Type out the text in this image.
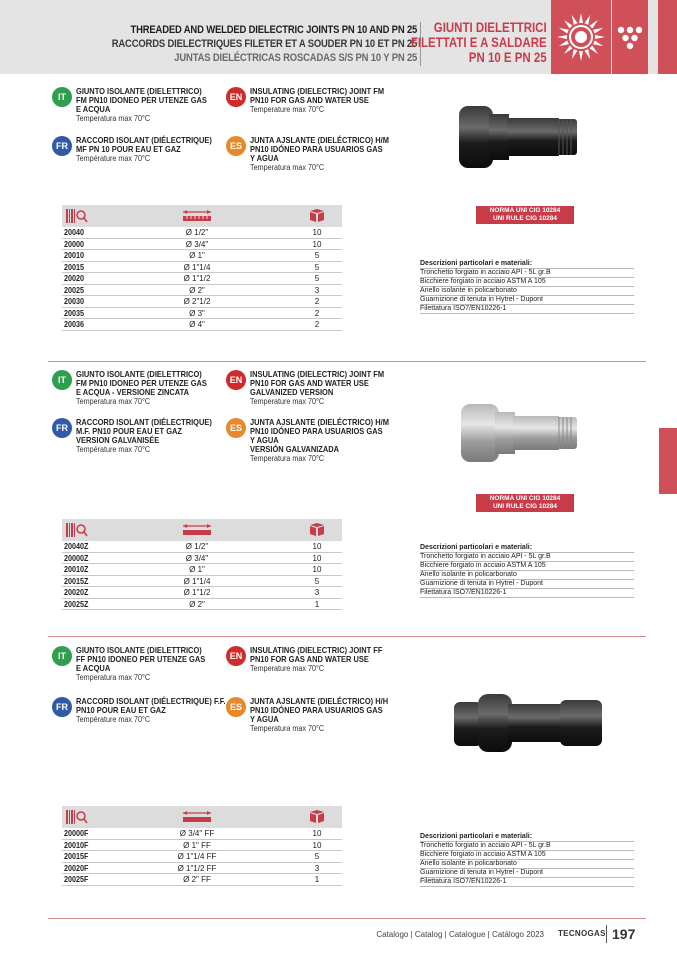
THREADED AND WELDED DIELECTRIC JOINTS PN 10 AND PN 25
RACCORDS DIELECTRIQUES FILETER ET A SOUDER PN 10 ET PN 25
JUNTAS DIELÉCTRICAS ROSCADAS S/S PN 10 Y PN 25
GIUNTI DIELETTRICI
FILETTATI E A SALDARE
PN 10 E PN 25
IT
GIUNTO ISOLANTE (DIELETTRICO)
FM PN10 IDONEO PER UTENZE GAS
E ACQUA
Temperatura max 70°C
FR
RACCORD ISOLANT (DIÉLECTRIQUE)
MF PN 10 POUR EAU ET GAZ
Température max 70°C
EN
INSULATING (DIELECTRIC) JOINT FM
PN10 FOR GAS AND WATER USE
Temperature max 70°C
ES
JUNTA AJSLANTE (DIELÉCTRICO) H/M
PN10 IDÓNEO PARA USUARIOS GAS
Y AGUA
Temperatura max 70°C
20040	Ø 1/2"	10
20000	Ø 3/4"	10
20010	Ø 1"	5
20015	Ø 1"1/4	5
20020	Ø 1"1/2	5
20025	Ø 2"	3
20030	Ø 2"1/2	2
20035	Ø 3"	2
20036	Ø 4"	2
NORMA UNI CIG 10284
UNI RULE CIG 10284
Descrizioni particolari e materiali:
Tronchetto forgiato in acciaio API - 5L gr.B
Bicchiere forgiato in acciaio ASTM A 105
Anello isolante in policarbonato
Guarnizione di tenuta in Hytrel - Dupont
Filettatura ISO7/EN10226-1
IT
GIUNTO ISOLANTE (DIELETTRICO)
FM PN10 IDONEO PER UTENZE GAS
E ACQUA - VERSIONE ZINCATA
Temperatura max 70°C
FR
RACCORD ISOLANT (DIÉLECTRIQUE)
M.F. PN10 POUR EAU ET GAZ
VERSION GALVANISÉE
Température max 70°C
EN
INSULATING (DIELECTRIC) JOINT FM
PN10 FOR GAS AND WATER USE
GALVANIZED VERSION
Temperature max 70°C
ES
JUNTA AJSLANTE (DIELÉCTRICO) H/M
PN10 IDÓNEO PARA USUARIOS GAS
Y AGUA
VERSIÓN GALVANIZADA
Temperatura max 70°C
20040Z	Ø 1/2"	10
20000Z	Ø 3/4"	10
20010Z	Ø 1"	10
20015Z	Ø 1"1/4	5
20020Z	Ø 1"1/2	3
20025Z	Ø 2"	1
NORMA UNI CIG 10284
UNI RULE CIG 10284
Descrizioni particolari e materiali:
Tronchetto forgiato in acciaio API - 5L gr.B
Bicchiere forgiato in acciaio ASTM A 105
Anello isolante in policarbonato
Guarnizione di tenuta in Hytrel - Dupont
Filettatura ISO7/EN10226-1
IT
GIUNTO ISOLANTE (DIELETTRICO)
FF PN10 IDONEO PER UTENZE GAS
E ACQUA
Temperatura max 70°C
FR
RACCORD ISOLANT (DIÉLECTRIQUE) F.F.
PN10 POUR EAU ET GAZ
Température max 70°C
EN
INSULATING (DIELECTRIC) JOINT FF
PN10 FOR GAS AND WATER USE
Temperature max 70°C
ES
JUNTA AJSLANTE (DIELÉCTRICO) H/H
PN10 IDÓNEO PARA USUARIOS GAS
Y AGUA
Temperatura max 70°C
20000F	Ø 3/4" FF	10
20010F	Ø 1" FF	10
20015F	Ø 1"1/4 FF	5
20020F	Ø 1"1/2 FF	3
20025F	Ø 2" FF	1
Descrizioni particolari e materiali:
Tronchetto forgiato in acciaio API - 5L gr.B
Bicchiere forgiato in acciaio ASTM A 105
Anello isolante in policarbonato
Guarnizione di tenuta in Hytrel - Dupont
Filettatura ISO7/EN10226-1
Catalogo | Catalog | Catalogue | Catálogo 2023 TECNOGAS 197
